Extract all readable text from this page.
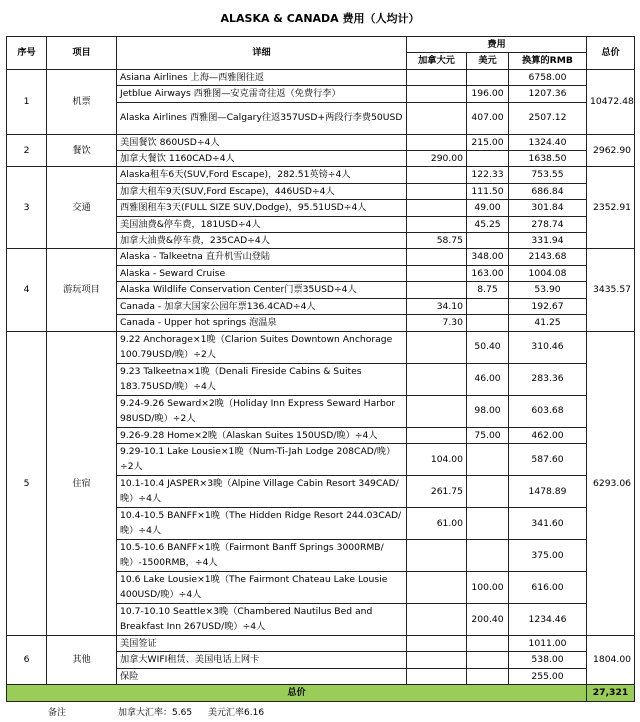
ALASKA & CANADA 费用（人均计）
序号	项目	详细	费用			总价
			加拿大元	美元	换算的RMB	
1	机票	Asiana Airlines 上海—西雅图往返			6758.00	10472.48
		Jetblue Airways 西雅图—安克雷奇往返（免费行李）		196.00	1207.36	
		Alaska Airlines 西雅图—Calgary往返357USD+两段行李费50USD		407.00	2507.12	
2	餐饮	美国餐饮 860USD÷4人		215.00	1324.40	2962.90
		加拿大餐饮 1160CAD÷4人	290.00		1638.50	
3	交通	Alaska租车6天(SUV,Ford Escape)，282.51英镑÷4人		122.33	753.55	2352.91
		加拿大租车9天(SUV,Ford Escape)，446USD÷4人		111.50	686.84	
		西雅图租车3天(FULL SIZE SUV,Dodge)，95.51USD÷4人		49.00	301.84	
		美国油费&停车费，181USD÷4人		45.25	278.74	
		加拿大油费&停车费，235CAD÷4人	58.75		331.94	
4	游玩项目	Alaska - Talkeetna 直升机雪山登陆		348.00	2143.68	3435.57
		Alaska - Seward Cruise		163.00	1004.08	
		Alaska Wildlife Conservation Center门票35USD÷4人		8.75	53.90	
		Canada - 加拿大国家公园年票136.4CAD÷4人	34.10		192.67	
		Canada - Upper hot springs 泡温泉	7.30		41.25	
5	住宿	9.22 Anchorage×1晚（Clarion Suites Downtown Anchorage 100.79USD/晚）÷2人		50.40	310.46	6293.06
		9.23 Talkeetna×1晚（Denali Fireside Cabins & Suites 183.75USD/晚）÷4人		46.00	283.36	
		9.24-9.26 Seward×2晚（Holiday Inn Express Seward Harbor 98USD/晚）÷2人		98.00	603.68	
		9.26-9.28 Home×2晚（Alaskan Suites 150USD/晚）÷4人		75.00	462.00	
		9.29-10.1 Lake Lousie×1晚（Num-Ti-Jah Lodge 208CAD/晚）÷2人	104.00		587.60	
		10.1-10.4 JASPER×3晚（Alpine Village Cabin Resort 349CAD/晚）÷4人	261.75		1478.89	
		10.4-10.5 BANFF×1晚（The Hidden Ridge Resort 244.03CAD/晚）÷4人	61.00		341.60	
		10.5-10.6 BANFF×1晚（Fairmont Banff Springs 3000RMB/晚）-1500RMB，÷4人			375.00	
		10.6 Lake Lousie×1晚（The Fairmont Chateau Lake Lousie 400USD/晚）÷4人		100.00	616.00	
		10.7-10.10 Seattle×3晚（Chambered Nautilus Bed and Breakfast Inn 267USD/晚）÷4人		200.40	1234.46	
6	其他	美国签证			1011.00	1804.00
		加拿大WIFI租赁、美国电话上网卡			538.00	
		保险			255.00	
总价						27,321
备注	加拿大汇率：5.65 美元汇率6.16
